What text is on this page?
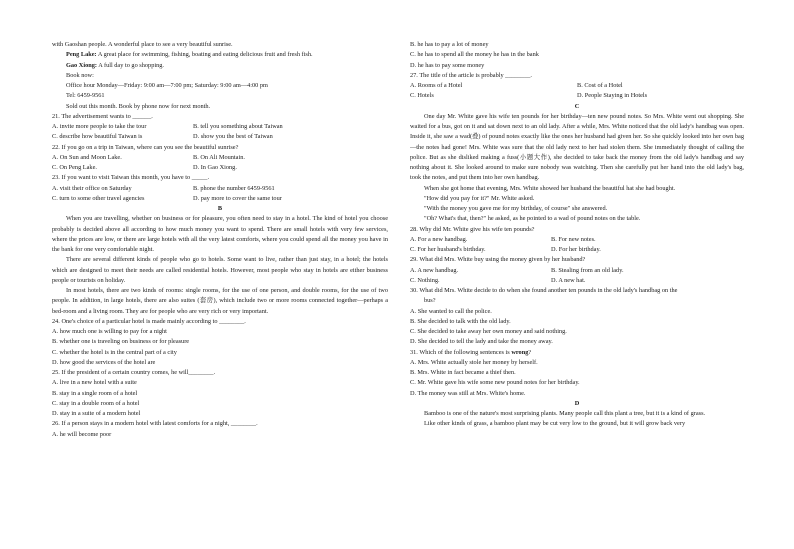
with Gaoshan people. A wonderful place to see a very beautiful sunrise.

Peng Lake: A great place for swimming, fishing, boating and eating delicious fruit and fresh fish.

Gao Xiong: A full day to go shopping.

Book now:

Office hour Monday—Friday: 9:00 am—7:00 pm; Saturday: 9:00 am—4:00 pm

Tel: 6459-9561

Sold out this month. Book by phone now for next month.

21. The advertisement wants to ______.

A. invite more people to take the tour	B. tell you something about Taiwan
C. describe how beautiful Taiwan is	D. show you the best of Taiwan

22. If you go on a trip in Taiwan, where can you see the beautiful sunrise?

A. On Sun and Moon Lake.	B. On Ali Mountain.
C. On Peng Lake.	D. In Gao Xiong.

23. If you want to visit Taiwan this month, you have to _____.

A. visit their office on Saturday	B. phone the number 6459-9561
C. turn to some other travel agencies	D. pay more to cover the same tour

B

When you are travelling, whether on business or for pleasure, you often need to stay in a hotel. The kind of hotel you choose probably is decided above all according to how much money you want to spend. There are small hotels with very few services, where the prices are low, or there are large hotels with all the very latest comforts, where you could spend all the money you have in the bank for one very comfortable night.

There are several different kinds of people who go to hotels. Some want to live, rather than just stay, in a hotel; the hotels which are designed to meet their needs are called residential hotels. However, most people who stay in hotels are either business people or tourists on holiday.

In most hotels, there are two kinds of rooms: single rooms, for the use of one person, and double rooms, for the use of two people. In addition, in large hotels, there are also suites (套房), which include two or more rooms connected together—perhaps a bed-room and a living room. They are for people who are very rich or very important.

24. One's choice of a particular hotel is made mainly according to ________.

A. how much one is willing to pay for a night

B. whether one is traveling on business or for pleasure

C. whether the hotel is in the central part of a city

D. how good the services of the hotel are

25. If the president of a certain country comes, he will________.

A. live in a new hotel with a suite

B. stay in a single room of a hotel

C. stay in a double room of a hotel

D. stay in a suite of a modern hotel

26. If a person stays in a modern hotel with latest comforts for a night, ________.

A. he will become poor

B. he has to pay a lot of money

C. he has to spend all the money he has in the bank

D. he has to pay some money

27. The title of the article is probably ________.

A. Rooms of a Hotel	B. Cost of a Hotel
C. Hotels	D. People Staying in Hotels

C

One day Mr. White gave his wife ten pounds for her birthday—ten new pound notes. So Mrs. White went out shopping. She waited for a bus, got on it and sat down next to an old lady. After a while, Mrs. White noticed that the old lady's handbag was open. Inside it, she saw a wad(叠) of pound notes exactly like the ones her husband had given her. So she quickly looked into her own bag—the notes had gone! Mrs. White was sure that the old lady next to her had stolen them. She immediately thought of calling the police. But as she disliked making a fuss(小题大作), she decided to take back the money from the old lady's handbag and say nothing about it. She looked around to make sure nobody was watching. Then she carefully put her hand into the old lady's bag, took the notes, and put them into her own handbag.

When she got home that evening, Mrs. White showed her husband the beautiful hat she had bought.

"How did you pay for it?" Mr. White asked.

"With the money you gave me for my birthday, of course" she answered.

"Oh? What's that, then?" he asked, as he pointed to a wad of pound notes on the table.

28. Why did Mr. White give his wife ten pounds?

A. For a new handbag.	B. For new notes.
C. For her husband's birthday.	D. For her birthday.

29. What did Mrs. White buy using the money given by her husband?

A. A new handbag.	B. Stealing from an old lady.
C. Nothing.	D. A new hat.

30. What did Mrs. White decide to do when she found another ten pounds in the old lady's handbag on the

bus?

A. She wanted to call the police.

B. She decided to talk with the old lady.

C. She decided to take away her own money and said nothing.

D. She decided to tell the lady and take the money away.

31. Which of the following sentences is wrong?

A. Mrs. White actually stole her money by herself.

B. Mrs. White in fact became a thief then.

C. Mr. White gave his wife some new pound notes for her birthday.

D. The money was still at Mrs. White's home.

D

Bamboo is one of the nature's most surprising plants. Many people call this plant a tree, but it is a kind of grass.

Like other kinds of grass, a bamboo plant may be cut very low to the ground, but it will grow back very
